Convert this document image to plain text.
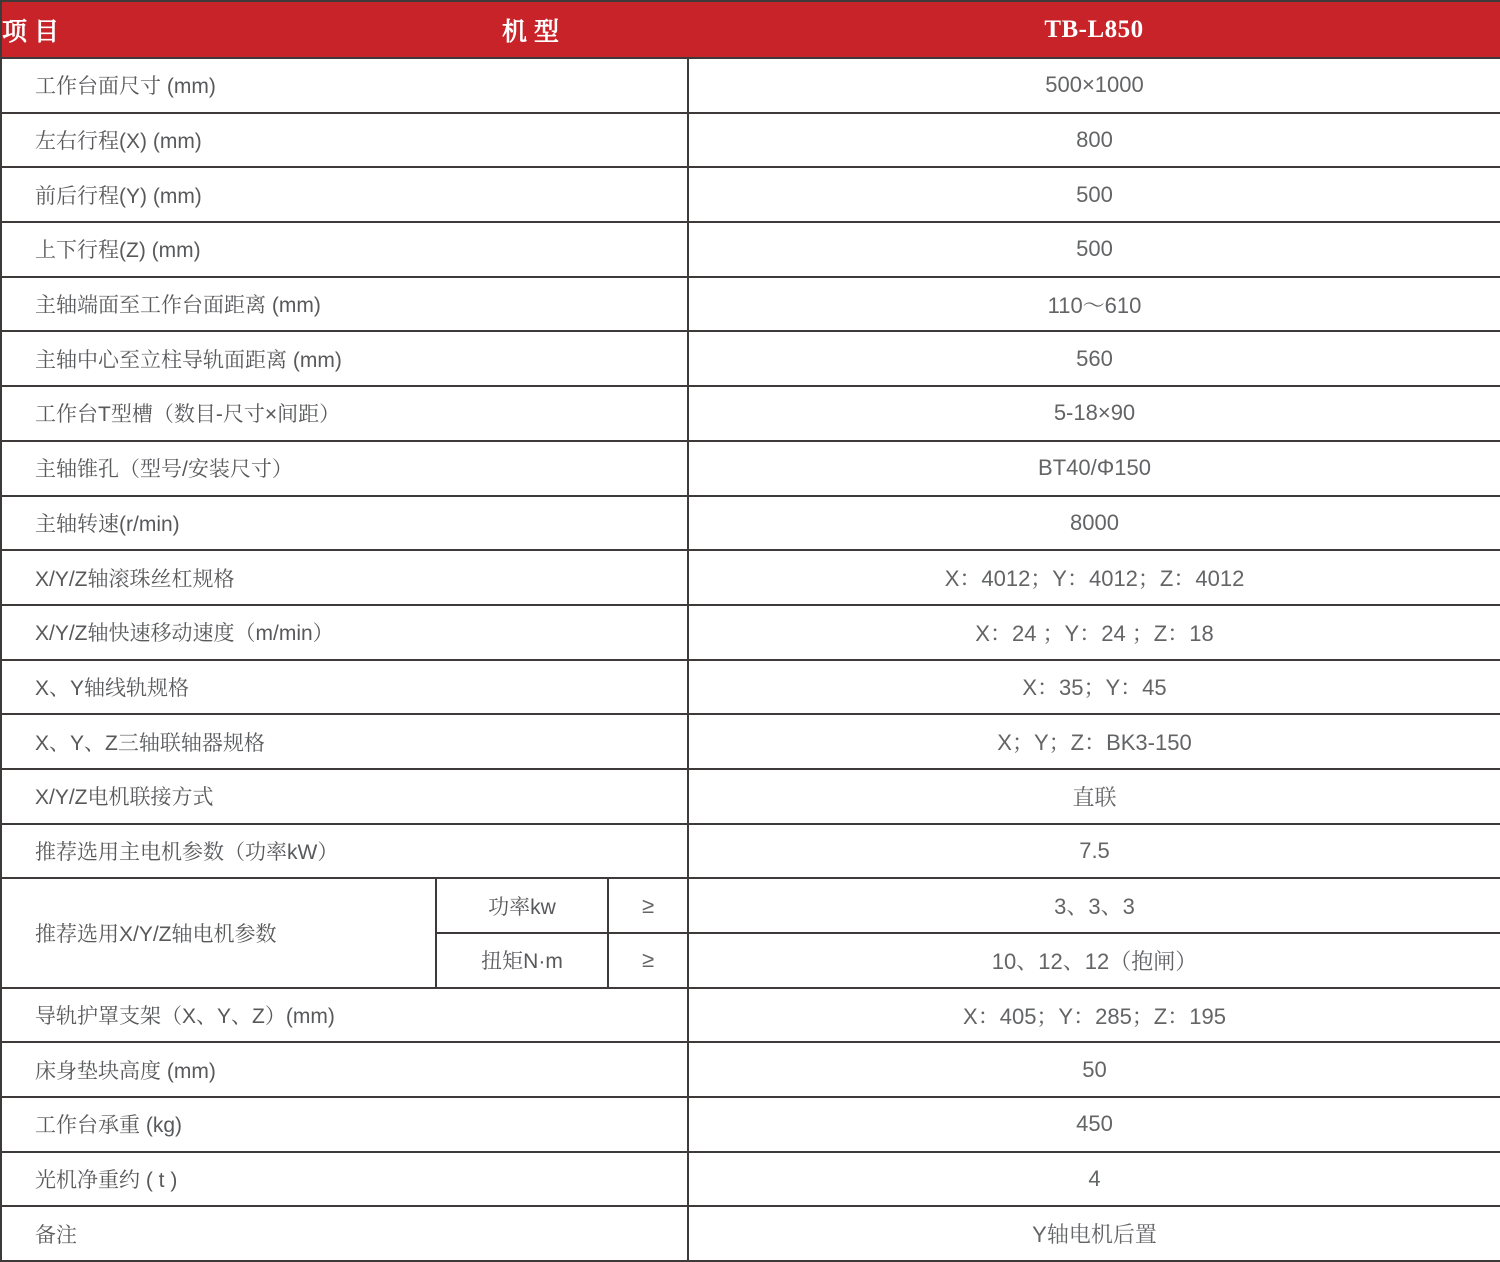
项 目	机 型			TB-L850
工作台面尺寸 (mm)				500×1000
左右行程(X) (mm)				800
前后行程(Y) (mm)				500
上下行程(Z) (mm)				500
主轴端面至工作台面距离 (mm)				110～610
主轴中心至立柱导轨面距离 (mm)				560
工作台T型槽（数目-尺寸×间距）				5-18×90
主轴锥孔（型号/安装尺寸）				BT40/Φ150
主轴转速(r/min)				8000
X/Y/Z轴滚珠丝杠规格				X：4012；Y：4012；Z：4012
X/Y/Z轴快速移动速度（m/min）				X：24 ；Y：24 ；Z：18
X、Y轴线轨规格				X：35；Y：45
X、Y、Z三轴联轴器规格				X；Y；Z：BK3-150
X/Y/Z电机联接方式				直联
推荐选用主电机参数（功率kW）				7.5
推荐选用X/Y/Z轴电机参数		功率kw	≥	3、3、3
		扭矩N·m	≥	10、12、12（抱闸）
导轨护罩支架（X、Y、Z）(mm)				X：405；Y：285；Z：195
床身垫块高度 (mm)				50
工作台承重 (kg)				450
光机净重约 ( t )				4
备注				Y轴电机后置
